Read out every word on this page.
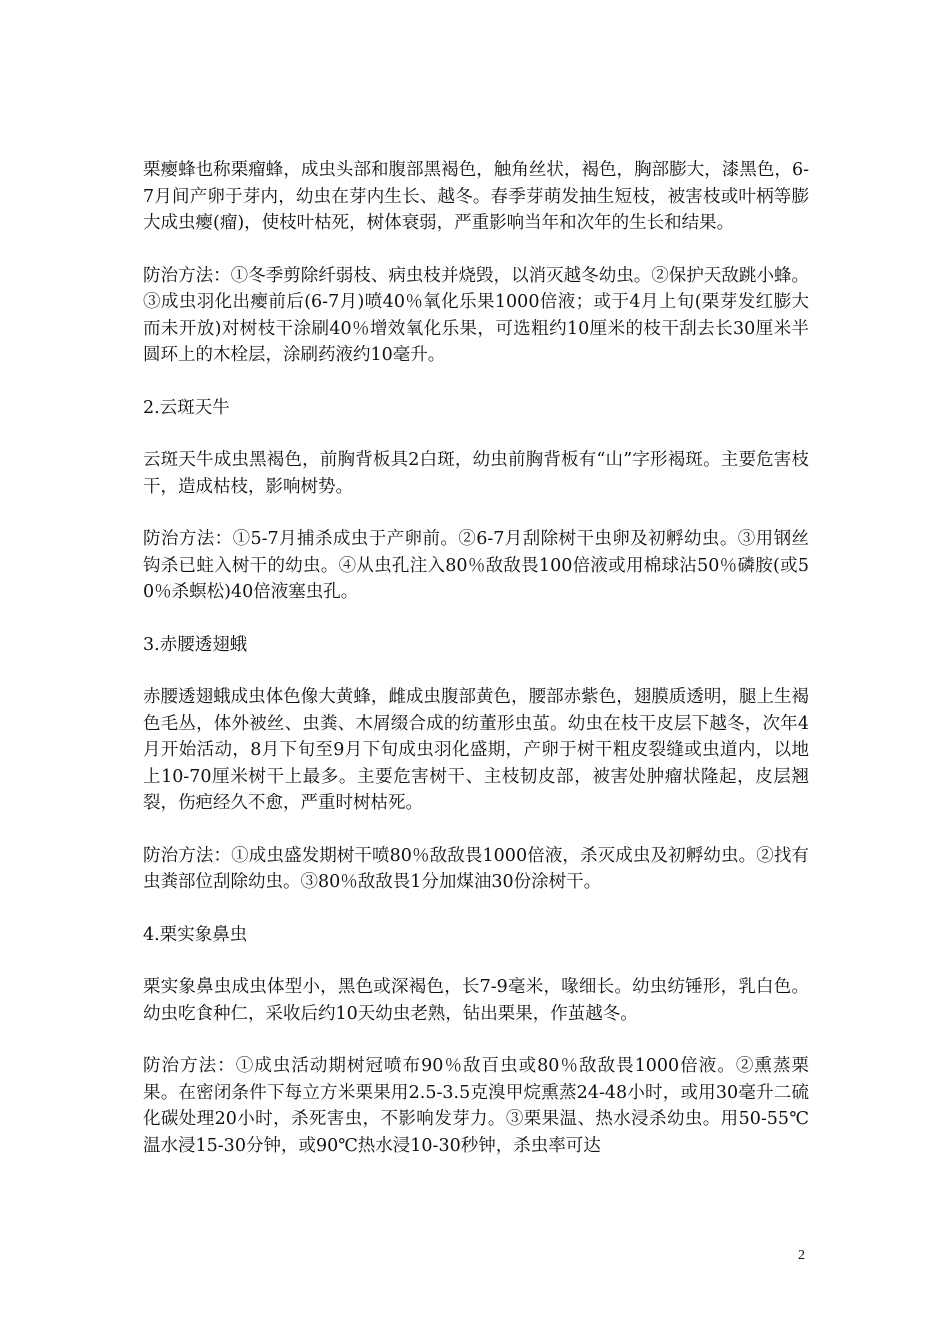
栗瘿蜂也称栗瘤蜂，成虫头部和腹部黑褐色，触角丝状，褐色，胸部膨大，漆黑色，6-7月间产卵于芽内，幼虫在芽内生长、越冬。春季芽萌发抽生短枝，被害枝或叶柄等膨大成虫瘿(瘤)，使枝叶枯死，树体衰弱，严重影响当年和次年的生长和结果。

防治方法：①冬季剪除纤弱枝、病虫枝并烧毁，以消灭越冬幼虫。②保护天敌跳小蜂。③成虫羽化出瘿前后(6-7月)喷40％氧化乐果1000倍液；或于4月上旬(栗芽发红膨大而未开放)对树枝干涂刷40％增效氧化乐果，可选粗约10厘米的枝干刮去长30厘米半圆环上的木栓层，涂刷药液约10毫升。

2.云斑天牛

云斑天牛成虫黑褐色，前胸背板具2白斑，幼虫前胸背板有“山”字形褐斑。主要危害枝干，造成枯枝，影响树势。

防治方法：①5-7月捕杀成虫于产卵前。②6-7月刮除树干虫卵及初孵幼虫。③用钢丝钩杀已蛀入树干的幼虫。④从虫孔注入80％敌敌畏100倍液或用棉球沾50％磷胺(或50％杀螟松)40倍液塞虫孔。

3.赤腰透翅蛾

赤腰透翅蛾成虫体色像大黄蜂，雌成虫腹部黄色，腰部赤紫色，翅膜质透明，腿上生褐色毛丛，体外被丝、虫粪、木屑缀合成的纺董形虫茧。幼虫在枝干皮层下越冬，次年4月开始活动，8月下旬至9月下旬成虫羽化盛期，产卵于树干粗皮裂缝或虫道内，以地上10-70厘米树干上最多。主要危害树干、主枝韧皮部，被害处肿瘤状隆起，皮层翘裂，伤疤经久不愈，严重时树枯死。

防治方法：①成虫盛发期树干喷80％敌敌畏1000倍液，杀灭成虫及初孵幼虫。②找有虫粪部位刮除幼虫。③80％敌敌畏1分加煤油30份涂树干。

4.栗实象鼻虫

栗实象鼻虫成虫体型小，黑色或深褐色，长7-9毫米，喙细长。幼虫纺锤形，乳白色。幼虫吃食种仁，采收后约10天幼虫老熟，钻出栗果，作茧越冬。

防治方法：①成虫活动期树冠喷布90％敌百虫或80％敌敌畏1000倍液。②熏蒸栗果。在密闭条件下每立方米栗果用2.5-3.5克溴甲烷熏蒸24-48小时，或用30毫升二硫化碳处理20小时，杀死害虫，不影响发芽力。③栗果温、热水浸杀幼虫。用50-55℃温水浸15-30分钟，或90℃热水浸10-30秒钟，杀虫率可达

2
